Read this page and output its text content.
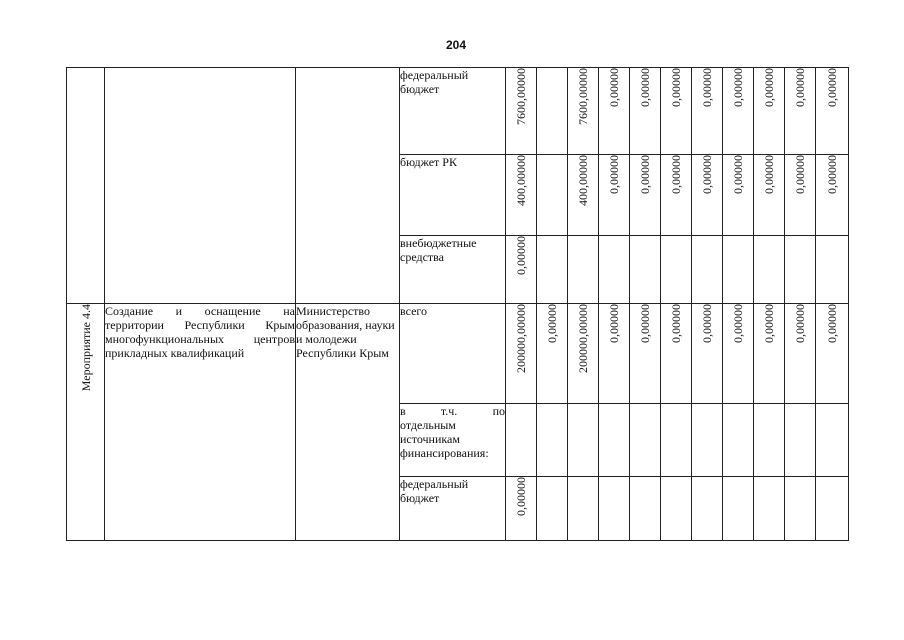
204
			федеральный бюджет	7600,00000		7600,00000	0,00000	0,00000	0,00000	0,00000	0,00000	0,00000	0,00000	0,00000
			бюджет РК	400,00000		400,00000	0,00000	0,00000	0,00000	0,00000	0,00000	0,00000	0,00000	0,00000
			внебюджетные средства	0,00000										
Мероприятие 4.4	Создание и оснащение на территории Республики Крым многофункциональных центров прикладных квалификаций	Министерство образования, науки и молодежи Республики Крым	всего	200000,00000	0,00000	200000,00000	0,00000	0,00000	0,00000	0,00000	0,00000	0,00000	0,00000	0,00000

			в т.ч. по
отдельным источникам финансирования:											

			федеральный бюджет	0,00000										
